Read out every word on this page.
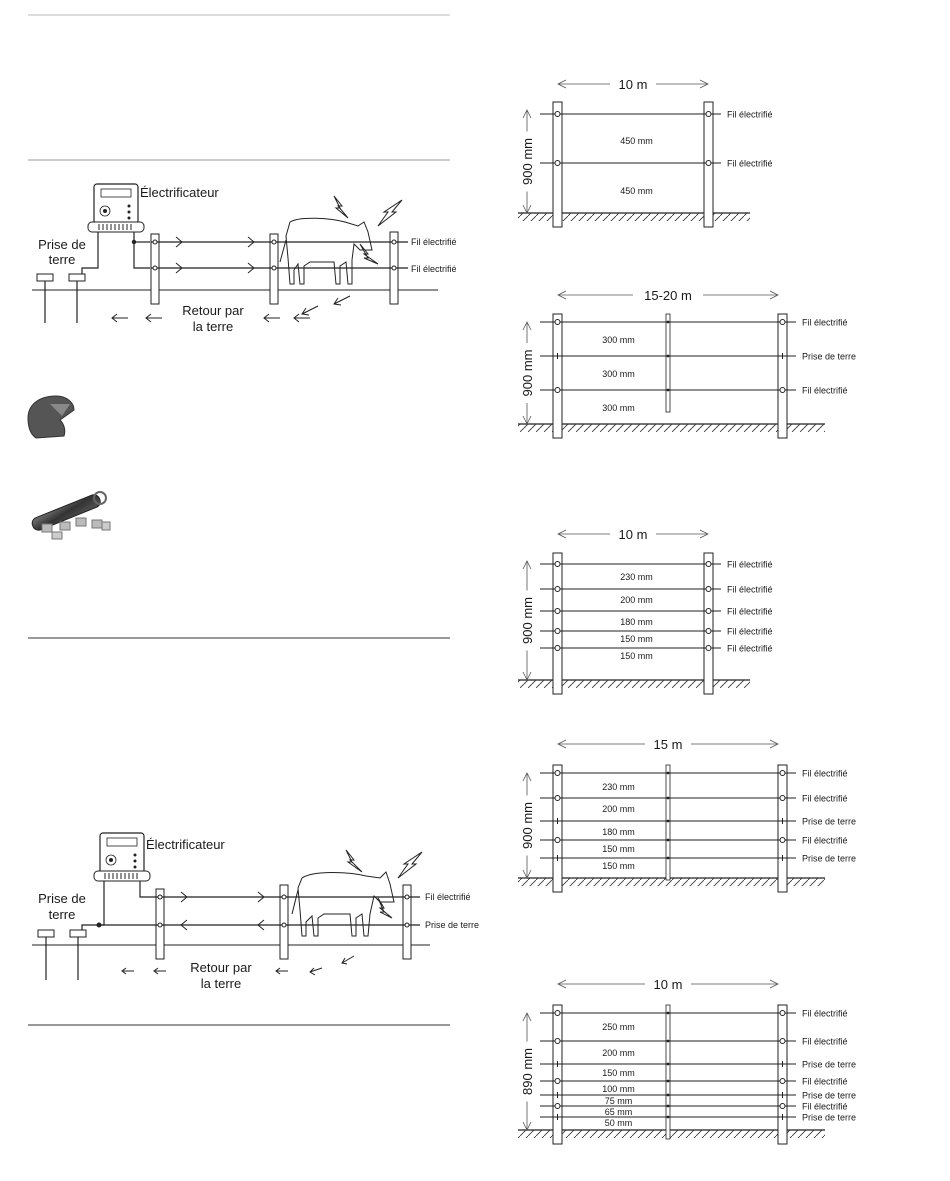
Électrificateur
Prise de
terre
Fil électrifié
Fil électrifié
Retour par
la terre
Électrificateur
Prise de
terre
Fil électrifié
Prise de terre
Retour par
la terre
10 m
900 mm
Fil électrifié
Fil électrifié
450 mm
450 mm
15-20 m
900 mm
Fil électrifié
Prise de terre
Fil électrifié
300 mm
300 mm
300 mm
10 m
900 mm
Fil électrifié
Fil électrifié
Fil électrifié
Fil électrifié
Fil électrifié
230 mm
200 mm
180 mm
150 mm
150 mm
15 m
900 mm
Fil électrifié
Fil électrifié
Prise de terre
Fil électrifié
Prise de terre
230 mm
200 mm
180 mm
150 mm
150 mm
10 m
890 mm
Fil électrifié
Fil électrifié
Prise de terre
Fil électrifié
Prise de terre
Fil électrifié
Prise de terre
250 mm
200 mm
150 mm
100 mm
75 mm
65 mm
50 mm
